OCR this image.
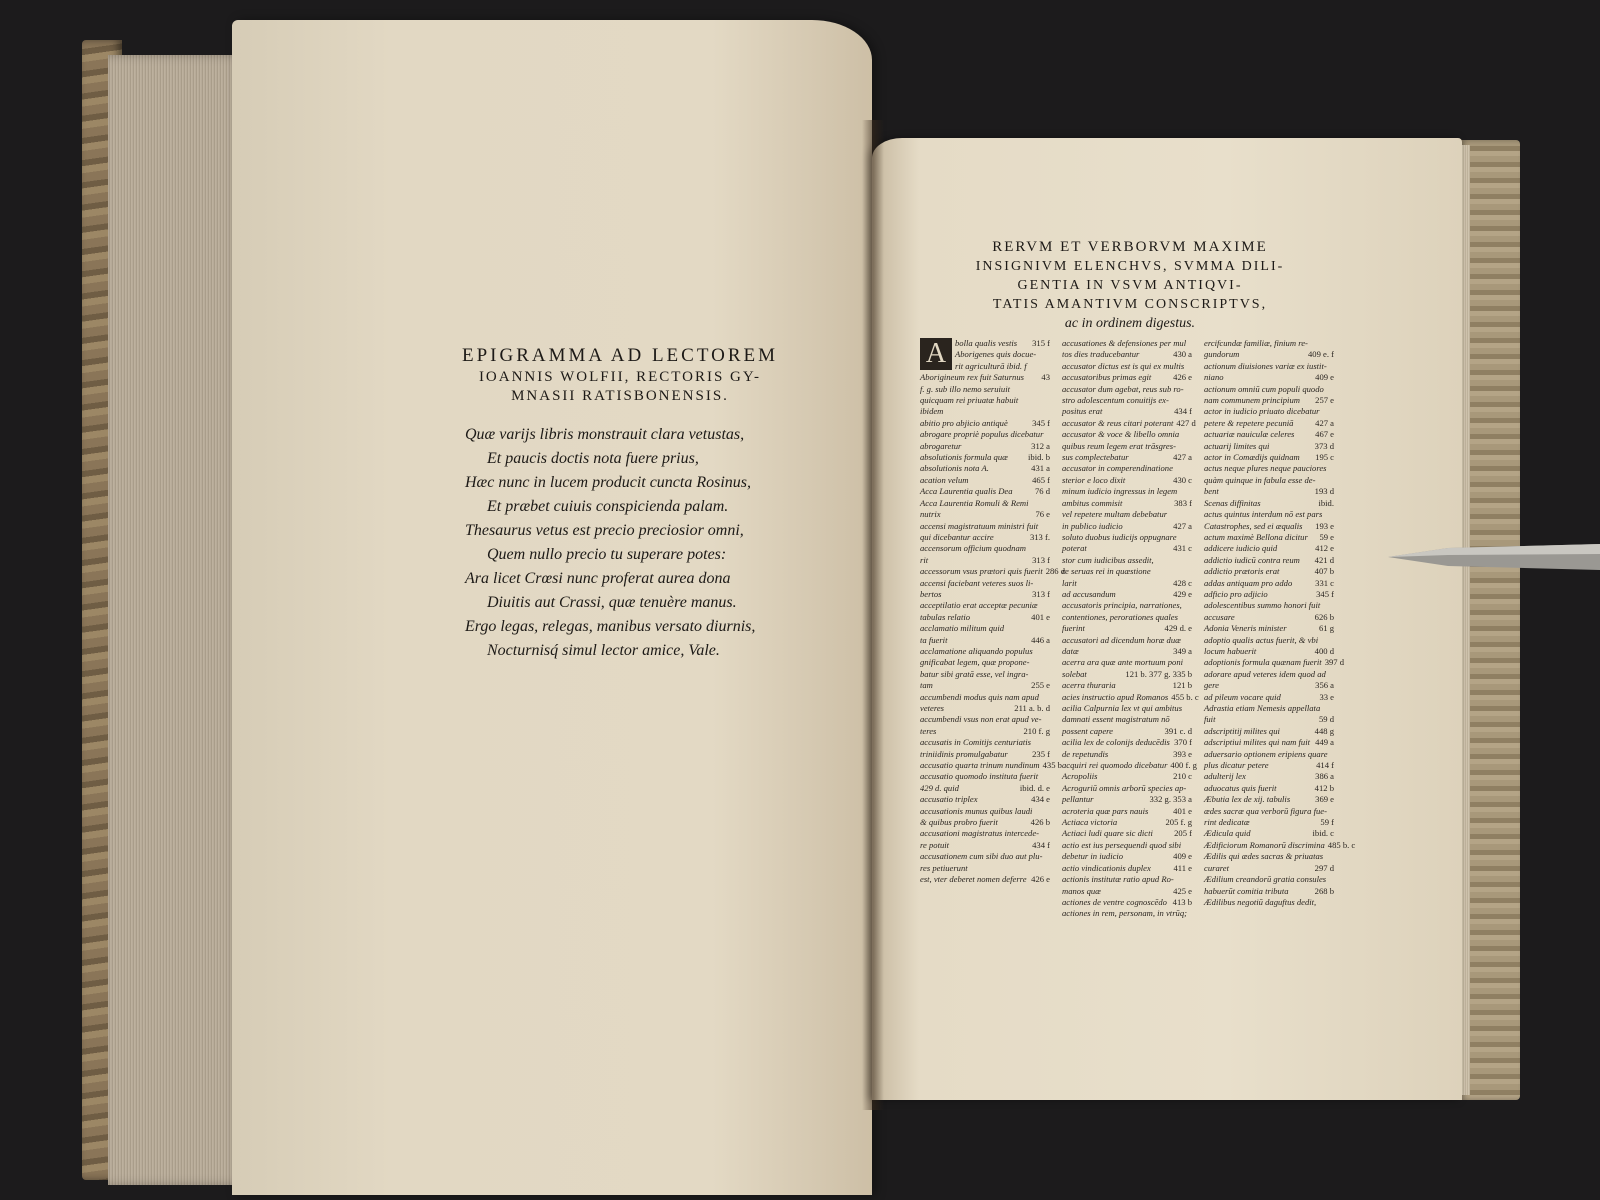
EPIGRAMMA AD LECTOREM

IOANNIS WOLFII, RECTORIS GY-

MNASII RATISBONENSIS.

Quæ varijs libris monstrauit clara vetustas,
Et paucis doctis nota fuere prius,
Hæc nunc in lucem producit cuncta Rosinus,
Et præbet cuiuis conspicienda palam.
Thesaurus vetus est precio preciosior omni,
Quem nullo precio tu superare potes:
Ara licet Crœsi nunc proferat aurea dona
Diuitis aut Crassi, quæ tenuère manus.
Ergo legas, relegas, manibus versato diurnis,
Nocturnisq́ simul lector amice, Vale.

RERVM ET VERBORVM MAXIME

INSIGNIVM ELENCHVS, SVMMA DILI-

GENTIA IN VSVM ANTIQVI-

TATIS AMANTIVM CONSCRIPTVS,

ac in ordinem digestus.

A	bolla qualis vestis	315 f
Aborigenes quis docue-
rit agriculturā ibid. f
Aborigineum rex fuit Saturnus	43
f. g. sub illo nemo seruiuit
quicquam rei priuatæ habuit
ibidem
abitio pro abjicio antiquè	345 f
abrogare propriè populus dicebatur
abrogaretur	312 a
absolutionis formula quæ	ibid. b
absolutionis nota A.	431 a
acation velum	465 f
Acca Laurentia qualis Dea	76 d
Acca Laurentia Romuli & Remi
nutrix	76 e
accensi magistratuum ministri fuit
qui dicebantur accire	313 f.
accensorum officium quodnam
rit	313 f
accessorum vsus prætori quis fuerit 286 d
accensi faciebant veteres suos li-
bertos	313 f
acceptilatio erat acceptæ pecuniæ
tabulas relatio	401 e
acclamatio militum quid
ta fuerit	446 a
acclamatione aliquando populus
gnificabat legem, quæ propone-
batur sibi gratā esse, vel ingra-
tam	255 e
accumbendi modus quis nam apud
veteres	211 a. b. d
accumbendi vsus non erat apud ve-
teres	210 f. g
accusatis in Comitijs centuriatis
triniidinis promulgabatur	235 f
accusatio quarta trinum nundinum 435 b
accusatio quomodo instituta fuerit
429 d. quid	ibid. d. e
accusatio triplex	434 e
accusationis munus quibus laudi
& quibus probro fuerit	426 b
accusationi magistratus intercede-
re potuit	434 f
accusationem cum sibi duo aut plu-
res petiuerunt
est, vter deberet nomen deferre 426 e
accusationes & defensiones per mul
tos dies traducebantur	430 a
accusator dictus est is qui ex multis
accusatoribus primas egit	426 e
accusator dum agebat, reus sub ro-
stro adolescentum conuitijs ex-
positus erat	434 f
accusator & reus citari poterant 427 d
accusator & voce & libello omnia
quibus reum legem erat trāsgres-
sus complectebatur	427 a
accusator in comperendinatione
sterior e loco dixit	430 c
minum iudicio ingressus in legem
ambitus commisit	383 f
vel repetere multam debebatur
in publico iudicio	427 a
soluto duobus iudicijs oppugnare
poterat	431 c
stor cum iudicibus assedit,
re seruas rei in quæstione
larit	428 c
ad accusandum	429 e
accusatoris principia, narrationes,
contentiones, perorationes quales
fuerint	429 d. e
accusatori ad dicendum horæ duæ
datæ	349 a
acerra ara quæ ante mortuum poni
solebat	121 b. 377 g. 335 b
acerra thuraria	121 b
acies instructio apud Romanos 455 b. c
acilia Calpurnia lex vt qui ambitus
damnati essent magistratum nō
possent capere	391 c. d
acilia lex de colonijs deducēdis 370 f
de repetundis	393 e
acquiri rei quomodo dicebatur 400 f. g
Acropoliis	210 c
Acroguriū omnis arborū species ap-
pellantur	332 g. 353 a
acroteria quæ pars nauis	401 e
Actiaca victoria	205 f. g
Actiaci ludi quare sic dicti	205 f
actio est ius persequendi quod sibi
debetur in iudicio	409 e
actio vindicationis duplex	411 e
actionis institutæ ratio apud Ro-
manos quæ	425 e
actiones de ventre cognoscēdo 413 b
actiones in rem, personam, in vtrūq;
ercifcundæ familiæ, finium re-
gundorum	409 e. f
actionum diuisiones variæ ex iustit-
niano	409 e
actionum omniū cum populi quodo
nam communem principium	257 e
actor in iudicio priuato dicebatur
petere & repetere pecuniā	427 a
actuariæ nauiculæ celeres	467 e
actuarij limites qui	373 d
actor in Comædijs quidnam	195 c
actus neque plures neque pauciores
quàm quinque in fabula esse de-
bent	193 d
Scenas diffinitas	ibid.
actus quintus interdum nō est pars
Catastrophes, sed ei æqualis	193 e
actum maximè Bellona dicitur	59 e
addicere iudicio quid	412 e
addictio iudicū contra reum	421 d
addictio prætoris erat	407 b
addas antiquam pro addo	331 c
adficio pro adjicio	345 f
adolescentibus summo honori fuit
accusare	626 b
Adonia Veneris minister	61 g
adoptio qualis actus fuerit, & vbi
locum habuerit	400 d
adoptionis formula quænam fuerit 397 d
adorare apud veteres idem quod ad
gere	356 a
ad pileum vocare quid	33 e
Adrastia etiam Nemesis appellata
fuit	59 d
adscriptitij milites qui	448 g
adscriptiui milites qui nam fuit 449 a
aduersario optionem eripiens quare
plus dicatur petere	414 f
adulterij lex	386 a
aduocatus quis fuerit	412 b
Æbutia lex de xij. tabulis	369 e
ædes sacræ qua verborū figura fue-
rint dedicatæ	59 f
Ædicula quid	ibid. c
Ædificiorum Romanorū discrimina 485 b. c
Ædilis qui ædes sacras & priuatas
curaret	297 d
Ædilium creandorū gratia consules
habuerūt comitia tributa	268 b
Ædilibus negotiū daguftus dedit,
